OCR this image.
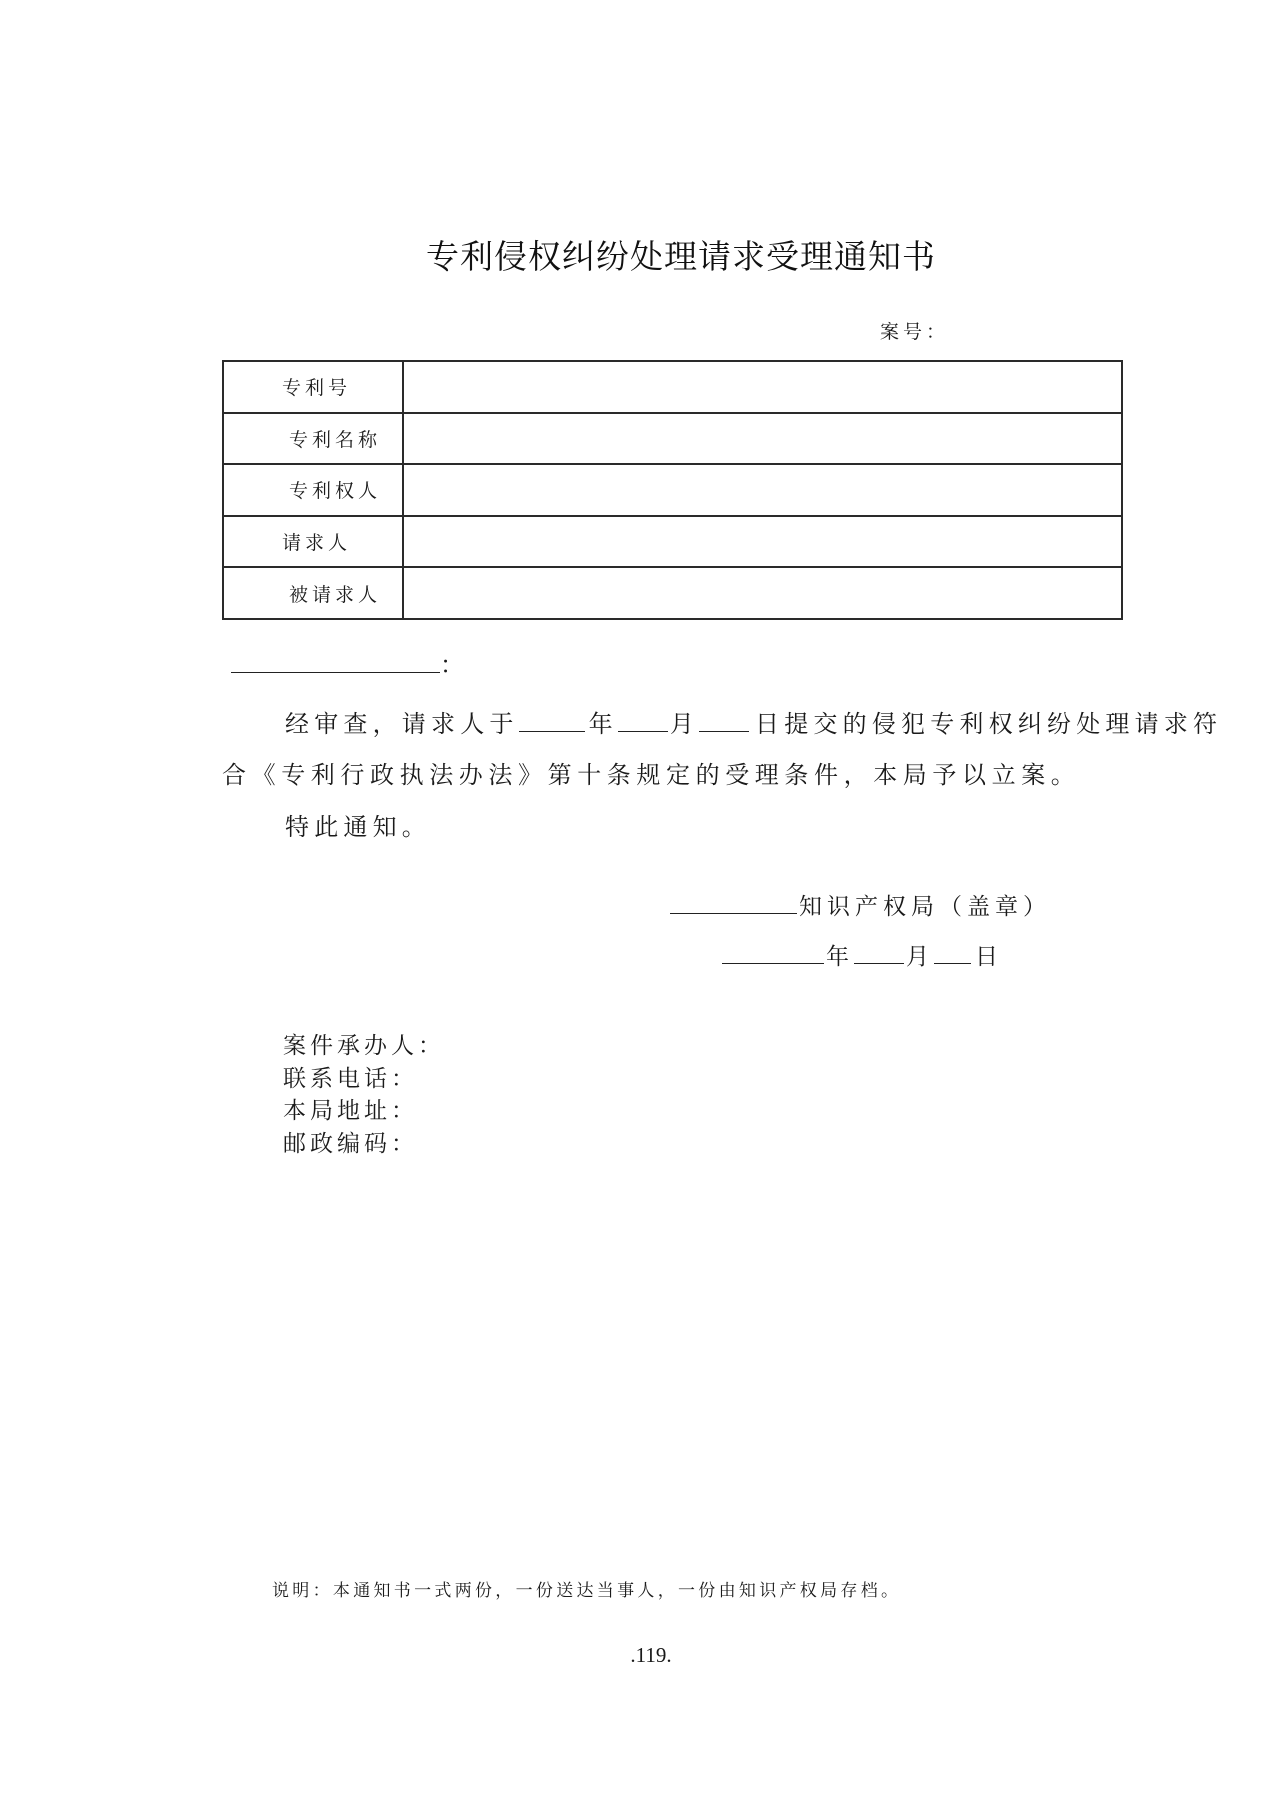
专利侵权纠纷处理请求受理通知书
案号：
专利号	
专利名称	
专利权人	
请求人	
被请求人	
：
经审查，请求人于	年 月 日提交的侵犯专利权纠纷处理请求符
合《专利行政执法办法》第十条规定的受理条件，本局予以立案。
特此通知。
知识产权局（盖章）
年 月 日
案件承办人：
联系电话：
本局地址：
邮政编码：
说明：本通知书一式两份，一份送达当事人，一份由知识产权局存档。
.119.
